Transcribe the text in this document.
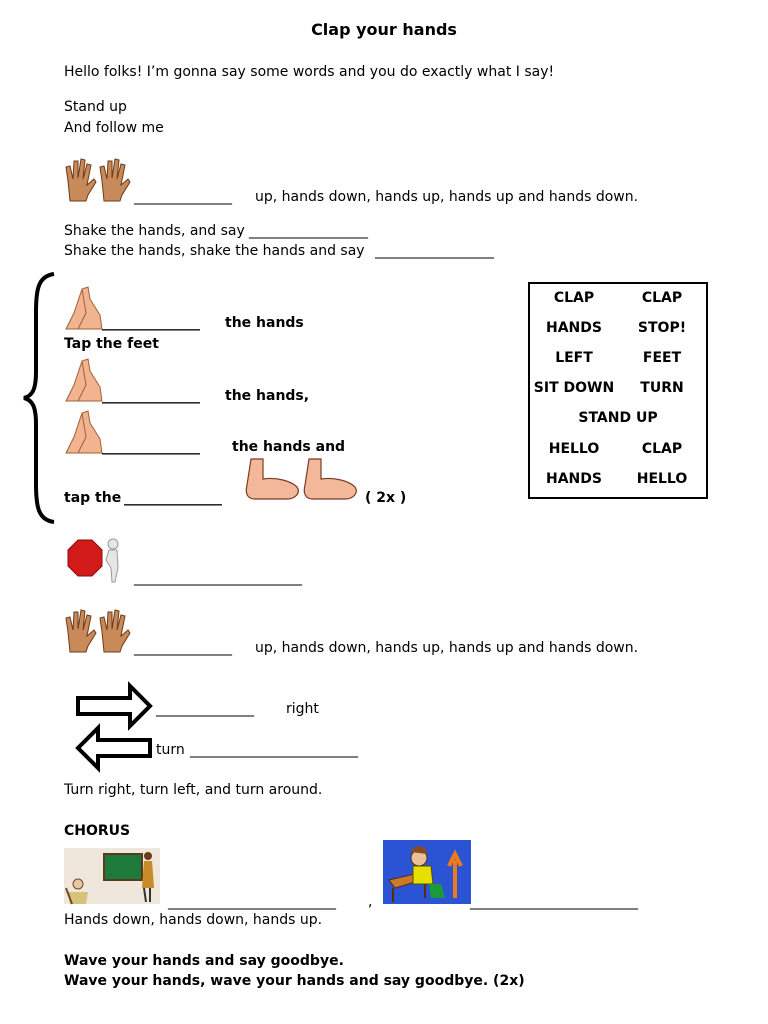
Clap your hands
Hello folks! I’m gonna say some words and you do exactly what I say!
Stand up
And follow me
______________ up, hands down, hands up, hands up and hands down.
Shake the hands, and say _________________
Shake the hands, shake the hands and say _________________
______________ the hands
Tap the feet
______________ the hands,
______________ the hands and
tap the ______________	( 2x )
CLAP	CLAP
HANDS	STOP!
LEFT	FEET
SIT DOWN	TURN
STAND UP
HELLO	CLAP
HANDS	HELLO
________________________
______________ up, hands down, hands up, hands up and hands down.
______________ right
turn ________________________
Turn right, turn left, and turn around.
CHORUS
________________________ ,	________________________
Hands down, hands down, hands up.
Wave your hands and say goodbye.
Wave your hands, wave your hands and say goodbye. (2x)
